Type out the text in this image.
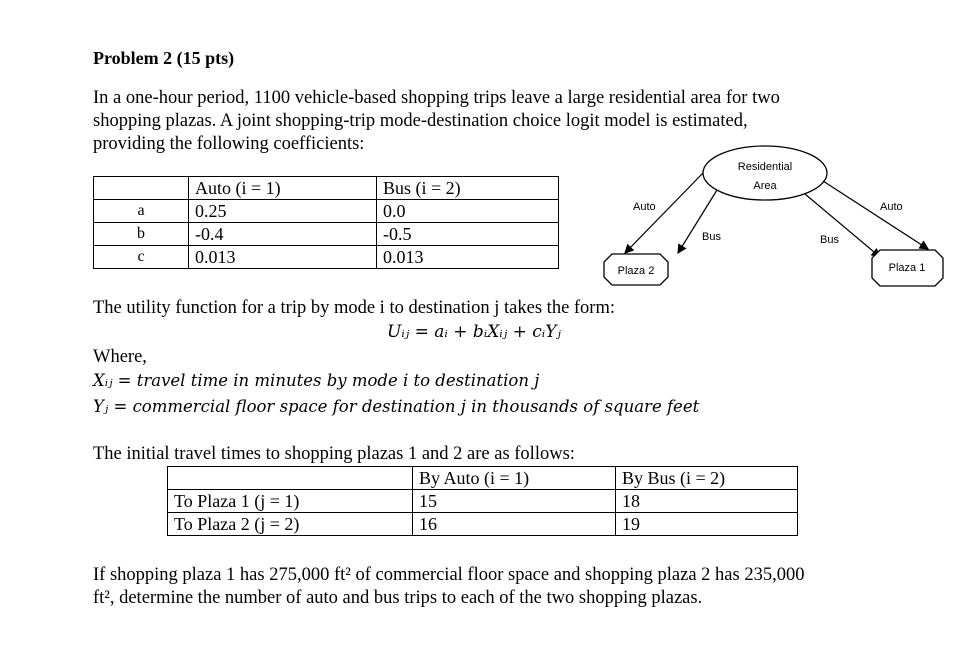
Problem 2 (15 pts)
In a one-hour period, 1100 vehicle-based shopping trips leave a large residential area for two
shopping plazas. A joint shopping-trip mode-destination choice logit model is estimated,
providing the following coefficients:
	Auto (i = 1)	Bus (i = 2)
a	0.25	0.0
b	-0.4	-0.5
c	0.013	0.013
Residential
Area
Auto
Bus	Bus
Auto
Plaza 2	Plaza 1
The utility function for a trip by mode i to destination j takes the form:
Uᵢⱼ = aᵢ + bᵢXᵢⱼ + cᵢYⱼ
Where,
Xᵢⱼ = travel time in minutes by mode i to destination j
Yⱼ = commercial floor space for destination j in thousands of square feet
The initial travel times to shopping plazas 1 and 2 are as follows:
	By Auto (i = 1)	By Bus (i = 2)
To Plaza 1 (j = 1)	15	18
To Plaza 2 (j = 2)	16	19
If shopping plaza 1 has 275,000 ft² of commercial floor space and shopping plaza 2 has 235,000
ft², determine the number of auto and bus trips to each of the two shopping plazas.
